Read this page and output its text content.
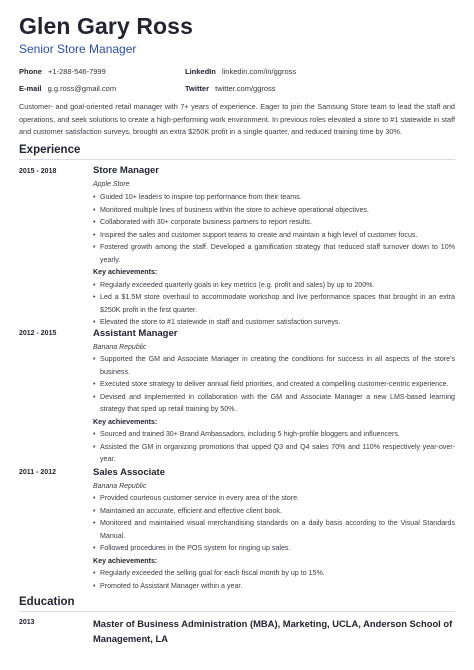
Glen Gary Ross
Senior Store Manager
Phone +1-288-546-7999
E-mail g.g.ross@gmail.com
LinkedIn linkedin.com/in/ggross
Twitter twitter.com/ggross

Customer- and goal-oriented retail manager with 7+ years of experience. Eager to join the Samsung Store team to lead the staff and operations, and seek solutions to create a high-performing work environment. In previous roles elevated a store to #1 statewide in staff and customer satisfaction surveys, brought an extra $250K profit in a single quarter, and reduced training time by 30%.

Experience
2015 - 2018	Store Manager
Apple Store
• Guided 10+ leaders to inspire top performance from their teams.
• Monitored multiple lines of business within the store to achieve operational objectives.
• Collaborated with 30+ corporate business partners to report results.
• Inspired the sales and customer support teams to create and maintain a high level of customer focus.
• Fostered growth among the staff. Developed a gamification strategy that reduced staff turnover down to 10% yearly.
Key achievements:
• Regularly exceeded quarterly goals in key metrics (e.g. profit and sales) by up to 200%.
• Led a $1.5M store overhaul to accommodate workshop and live performance spaces that brought in an extra $250K profit in the first quarter.
• Elevated the store to #1 statewide in staff and customer satisfaction surveys.
2012 - 2015	Assistant Manager
Banana Republic
• Supported the GM and Associate Manager in creating the conditions for success in all aspects of the store's business.
• Executed store strategy to deliver annual field priorities, and created a compelling customer-centric experience.
• Devised and implemented in collaboration with the GM and Associate Manager a new LMS-based learning strategy that sped up retail training by 50%.
Key achievements:
• Sourced and trained 30+ Brand Ambassadors, including 5 high-profile bloggers and influencers.
• Assisted the GM in organizing promotions that upped Q3 and Q4 sales 70% and 110% respectively year-over-year.
2011 - 2012	Sales Associate
Banana Republic
• Provided courteous customer service in every area of the store.
• Maintained an accurate, efficient and effective client book.
• Monitored and maintained visual merchandising standards on a daily basis according to the Visual Standards Manual.
• Followed procedures in the POS system for ringing up sales.
Key achievements:
• Regularly exceeded the selling goal for each fiscal month by up to 15%.
• Promoted to Assistant Manager within a year.
Education
2013	Master of Business Administration (MBA), Marketing, UCLA, Anderson School of Management, LA
